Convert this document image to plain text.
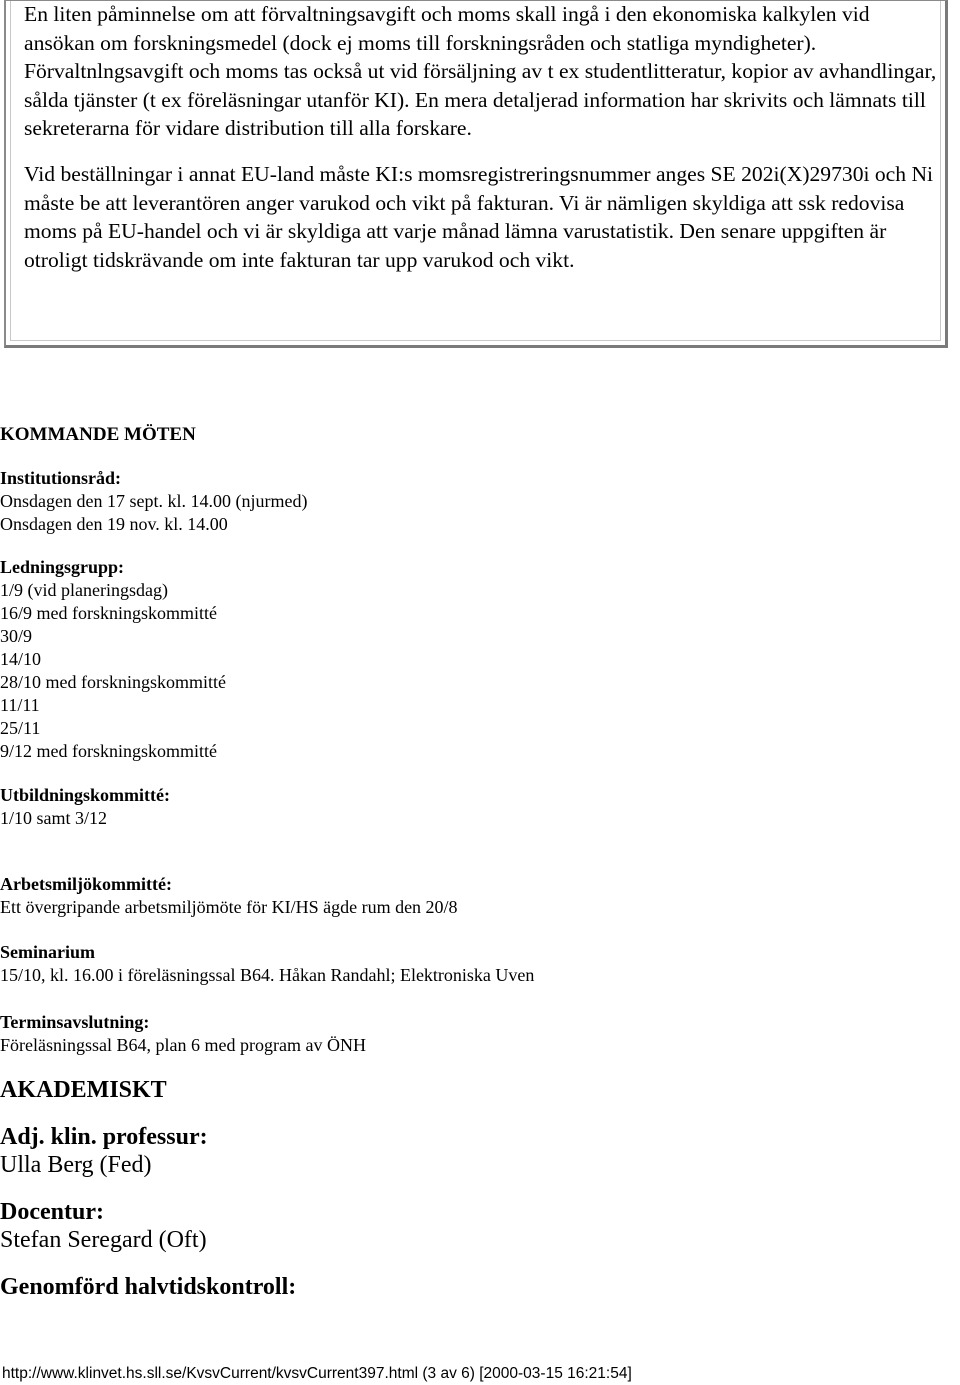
En liten påminnelse om att förvaltningsavgift och moms skall ingå i den ekonomiska kalkylen vid ansökan om forskningsmedel (dock ej moms till forskningsråden och statliga myndigheter). Förvaltnlngsavgift och moms tas också ut vid försäljning av t ex studentlitteratur, kopior av avhandlingar, sålda tjänster (t ex föreläsningar utanför KI). En mera detaljerad information har skrivits och lämnats till sekreterarna för vidare distribution till alla forskare.

Vid beställningar i annat EU-land måste KI:s momsregistreringsnummer anges SE 202i(X)29730i och Ni måste be att leverantören anger varukod och vikt på fakturan. Vi är nämligen skyldiga att ssk redovisa moms på EU-handel och vi är skyldiga att varje månad lämna varustatistik. Den senare uppgiften är otroligt tidskrävande om inte fakturan tar upp varukod och vikt.

KOMMANDE MÖTEN
Institutionsråd:
Onsdagen den 17 sept. kl. 14.00 (njurmed)
Onsdagen den 19 nov. kl. 14.00
Ledningsgrupp:
1/9 (vid planeringsdag)
16/9 med forskningskommitté
30/9
14/10
28/10 med forskningskommitté
11/11
25/11
9/12 med forskningskommitté
Utbildningskommitté:
1/10 samt 3/12
Arbetsmiljökommitté:
Ett övergripande arbetsmiljömöte för KI/HS ägde rum den 20/8
Seminarium
15/10, kl. 16.00 i föreläsningssal B64. Håkan Randahl; Elektroniska Uven
Terminsavslutning:
Föreläsningssal B64, plan 6 med program av ÖNH
AKADEMISKT
Adj. klin. professur:
Ulla Berg (Fed)
Docentur:
Stefan Seregard (Oft)
Genomförd halvtidskontroll:
http://www.klinvet.hs.sll.se/KvsvCurrent/kvsvCurrent397.html (3 av 6) [2000-03-15 16:21:54]
